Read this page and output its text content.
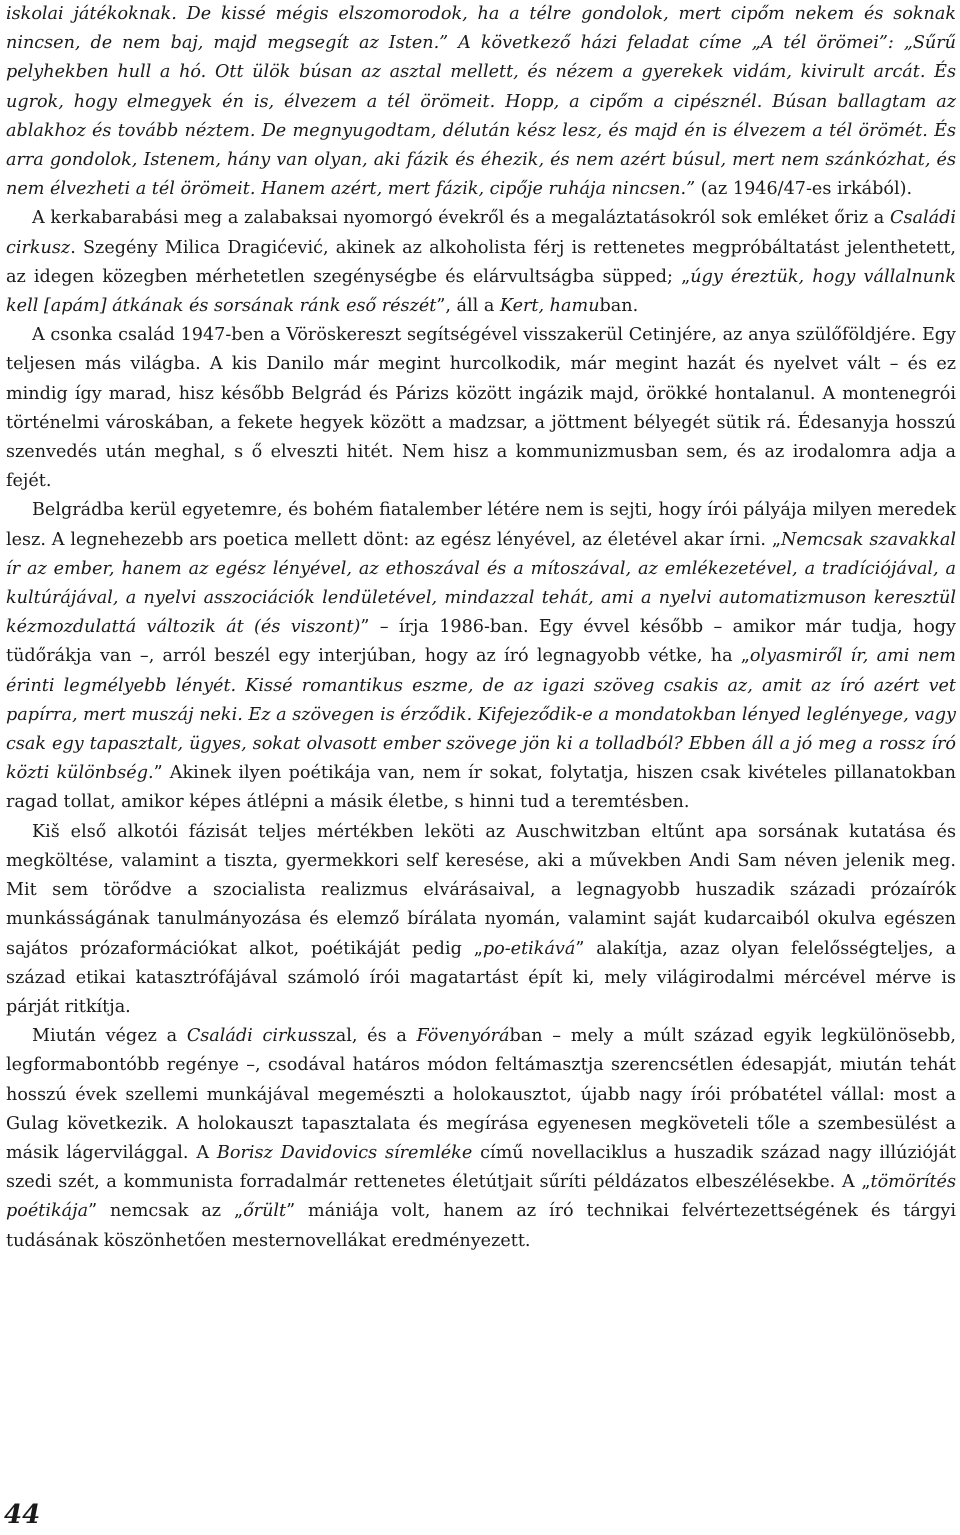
iskolai játékoknak. De kissé mégis elszomorodok, ha a télre gondolok, mert cipőm nekem és soknak nincsen, de nem baj, majd megsegít az Isten.” A következő házi feladat címe „A tél örömei”: „Sűrű pelyhekben hull a hó. Ott ülök búsan az asztal mellett, és nézem a gyerekek vidám, kivirult arcát. És ugrok, hogy elmegyek én is, élvezem a tél örömeit. Hopp, a cipőm a cipésznél. Búsan ballagtam az ablakhoz és tovább néztem. De megnyugodtam, délután kész lesz, és majd én is élvezem a tél örömét. És arra gondolok, Istenem, hány van olyan, aki fázik és éhezik, és nem azért búsul, mert nem szánkózhat, és nem élvezheti a tél örömeit. Hanem azért, mert fázik, cipője ruhája nincsen.” (az 1946/47-es irkából).

A kerkabarabási meg a zalabaksai nyomorgó évekről és a megaláztatásokról sok emléket őriz a Családi cirkusz. Szegény Milica Dragićević, akinek az alkoholista férj is rettenetes megpróbáltatást jelenthetett, az idegen közegben mérhetetlen szegénységbe és elárvultságba süpped; „úgy éreztük, hogy vállalnunk kell [apám] átkának és sorsának ránk eső részét”, áll a Kert, hamuban.

A csonka család 1947-ben a Vöröskereszt segítségével visszakerül Cetinjére, az anya szülőföldjére. Egy teljesen más világba. A kis Danilo már megint hurcolkodik, már megint hazát és nyelvet vált – és ez mindig így marad, hisz később Belgrád és Párizs között ingázik majd, örökké hontalanul. A montenegrói történelmi városkában, a fekete hegyek között a madzsar, a jöttment bélyegét sütik rá. Édesanyja hosszú szenvedés után meghal, s ő elveszti hitét. Nem hisz a kommunizmusban sem, és az irodalomra adja a fejét.

Belgrádba kerül egyetemre, és bohém fiatalember létére nem is sejti, hogy írói pályája milyen meredek lesz. A legnehezebb ars poetica mellett dönt: az egész lényével, az életével akar írni. „Nemcsak szavakkal ír az ember, hanem az egész lényével, az ethoszával és a mítoszával, az emlékezetével, a tradíciójával, a kultúrájával, a nyelvi asszociációk lendületével, mindazzal tehát, ami a nyelvi automatizmuson keresztül kézmozdulattá változik át (és viszont)” – írja 1986-ban. Egy évvel később – amikor már tudja, hogy tüdőrákja van –, arról beszél egy interjúban, hogy az író legnagyobb vétke, ha „olyasmiről ír, ami nem érinti legmélyebb lényét. Kissé romantikus eszme, de az igazi szöveg csakis az, amit az író azért vet papírra, mert muszáj neki. Ez a szövegen is érződik. Kifejeződik-e a mondatokban lényed leglényege, vagy csak egy tapasztalt, ügyes, sokat olvasott ember szövege jön ki a tolladból? Ebben áll a jó meg a rossz író közti különbség.” Akinek ilyen poétikája van, nem ír sokat, folytatja, hiszen csak kivételes pillanatokban ragad tollat, amikor képes átlépni a másik életbe, s hinni tud a teremtésben.

Kiš első alkotói fázisát teljes mértékben leköti az Auschwitzban eltűnt apa sorsának kutatása és megköltése, valamint a tiszta, gyermekkori self keresése, aki a művekben Andi Sam néven jelenik meg. Mit sem törődve a szocialista realizmus elvárásaival, a legnagyobb huszadik századi prózaírók munkásságának tanulmányozása és elemző bírálata nyomán, valamint saját kudarcaiból okulva egészen sajátos prózaformációkat alkot, poétikáját pedig „po-etikává” alakítja, azaz olyan felelősségteljes, a század etikai katasztrófájával számoló írói magatartást épít ki, mely világirodalmi mércével mérve is párját ritkítja.

Miután végez a Családi cirkusszal, és a Fövenyórában – mely a múlt század egyik legkülönösebb, legformabontóbb regénye –, csodával határos módon feltámasztja szerencsétlen édesapját, miután tehát hosszú évek szellemi munkájával megemészti a holokausztot, újabb nagy írói próbatétel vállal: most a Gulag következik. A holokauszt tapasztalata és megírása egyenesen megköveteli tőle a szembesülést a másik lágervilággal. A Borisz Davidovics síremléke című novellaciklus a huszadik század nagy illúzióját szedi szét, a kommunista forradalmár rettenetes életútjait sűríti példázatos elbeszélésekbe. A „tömörítés poétikája” nemcsak az „őrült” mániája volt, hanem az író technikai felvértezettségének és tárgyi tudásának köszönhetően mesternovellákat eredményezett.

44
